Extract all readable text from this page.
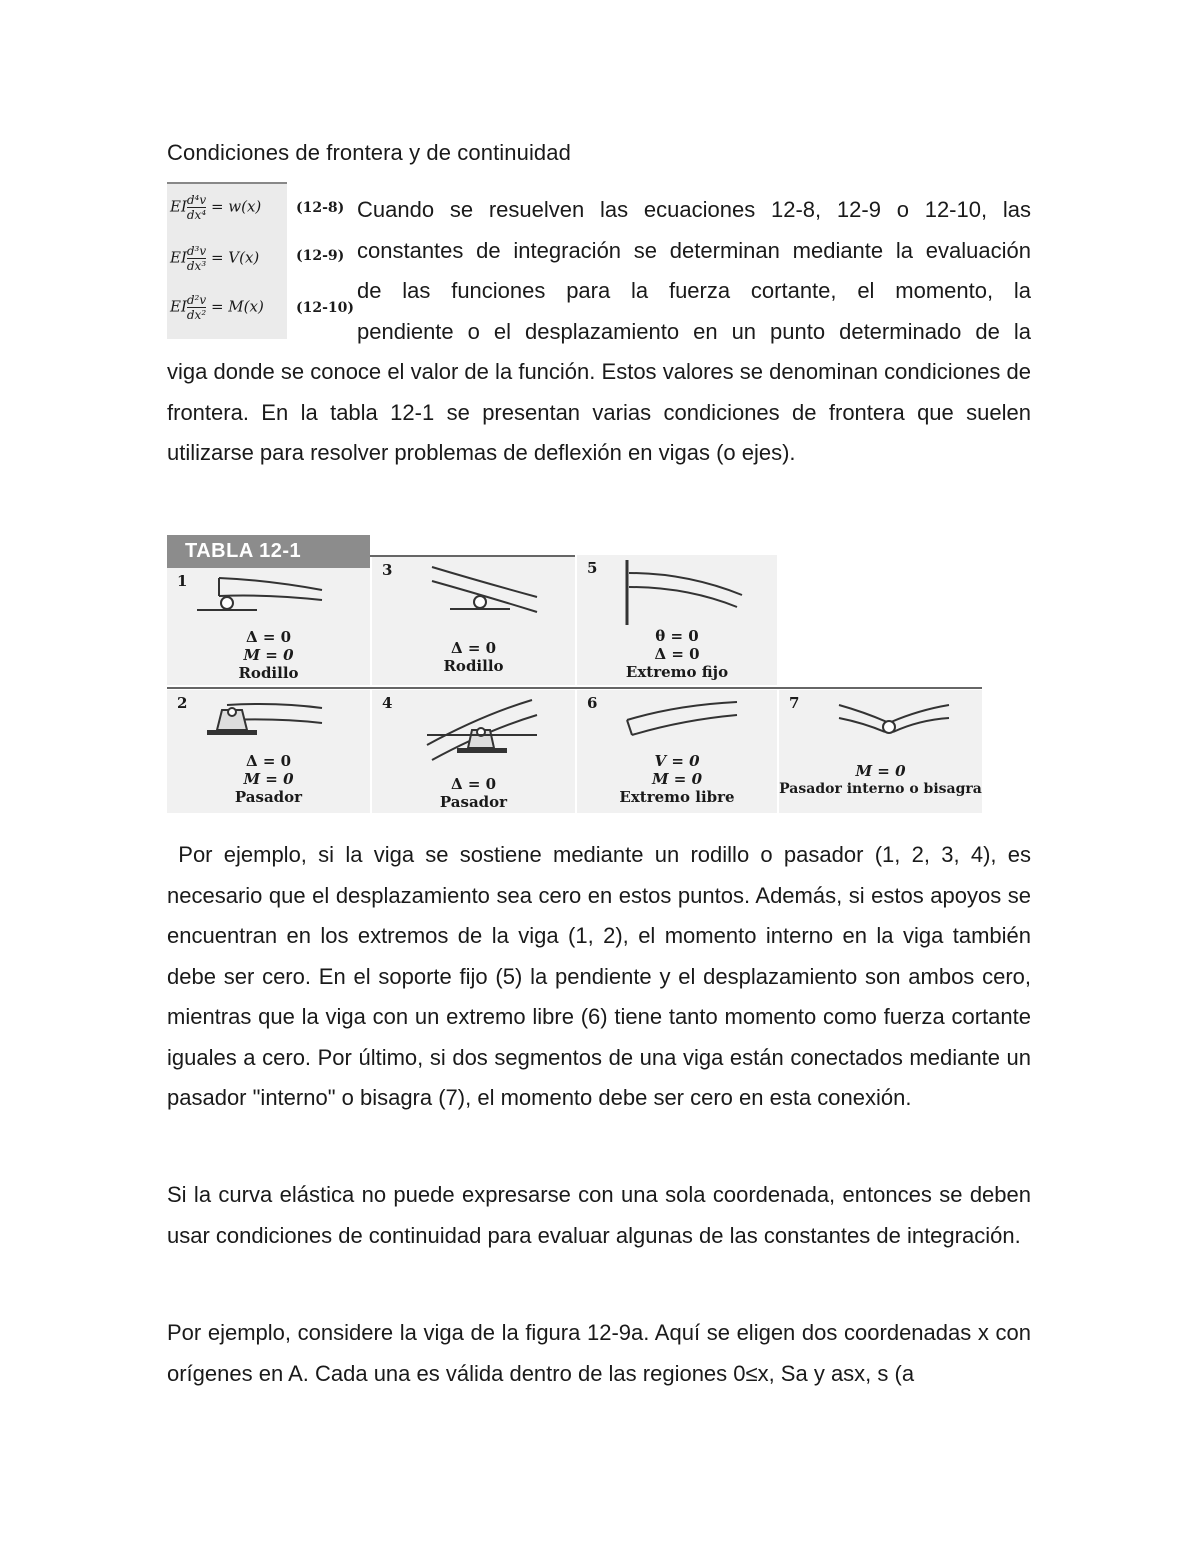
Condiciones de frontera y de continuidad
EI $\frac{\text{d⁴v}}{\text{dx⁴}} = w(x)$ (12-8)
EI $\frac{\text{d³v}}{\text{dx³}} = V(x)$	(12-9)
EI $\frac{\text{d²v}}{\text{dx²}} = M(x)$ (12-10)

Cuando se resuelven las ecuaciones 12-8, 12-9 o 12-10, las

constantes de integración se determinan mediante la evaluación

de las funciones para la fuerza cortante, el momento, la

pendiente o el desplazamiento en un punto determinado de la

viga donde se conoce el valor de la función. Estos valores se denominan condiciones de frontera. En la tabla 12-1 se presentan varias condiciones de frontera que suelen utilizarse para resolver problemas de deflexión en vigas (o ejes).

TABLA 12-1
1
Δ = 0
M = 0
Rodillo
3
Δ = 0
Rodillo
5
θ = 0
Δ = 0
Extremo fijo
2
Δ = 0
M = 0
Pasador
4
Δ = 0
Pasador
6
V = 0
M = 0
Extremo libre
7
M = 0
Pasador interno o bisagra

Por ejemplo, si la viga se sostiene mediante un rodillo o pasador (1, 2, 3, 4), es necesario que el desplazamiento sea cero en estos puntos. Además, si estos apoyos se encuentran en los extremos de la viga (1, 2), el momento interno en la viga también debe ser cero. En el soporte fijo (5) la pendiente y el desplazamiento son ambos cero, mientras que la viga con un extremo libre (6) tiene tanto momento como fuerza cortante iguales a cero. Por último, si dos segmentos de una viga están conectados mediante un pasador "interno" o bisagra (7), el momento debe ser cero en esta conexión.

Si la curva elástica no puede expresarse con una sola coordenada, entonces se deben usar condiciones de continuidad para evaluar algunas de las constantes de integración.

Por ejemplo, considere la viga de la figura 12-9a. Aquí se eligen dos coordenadas x con orígenes en A. Cada una es válida dentro de las regiones 0≤x, Sa y asx, s (a
